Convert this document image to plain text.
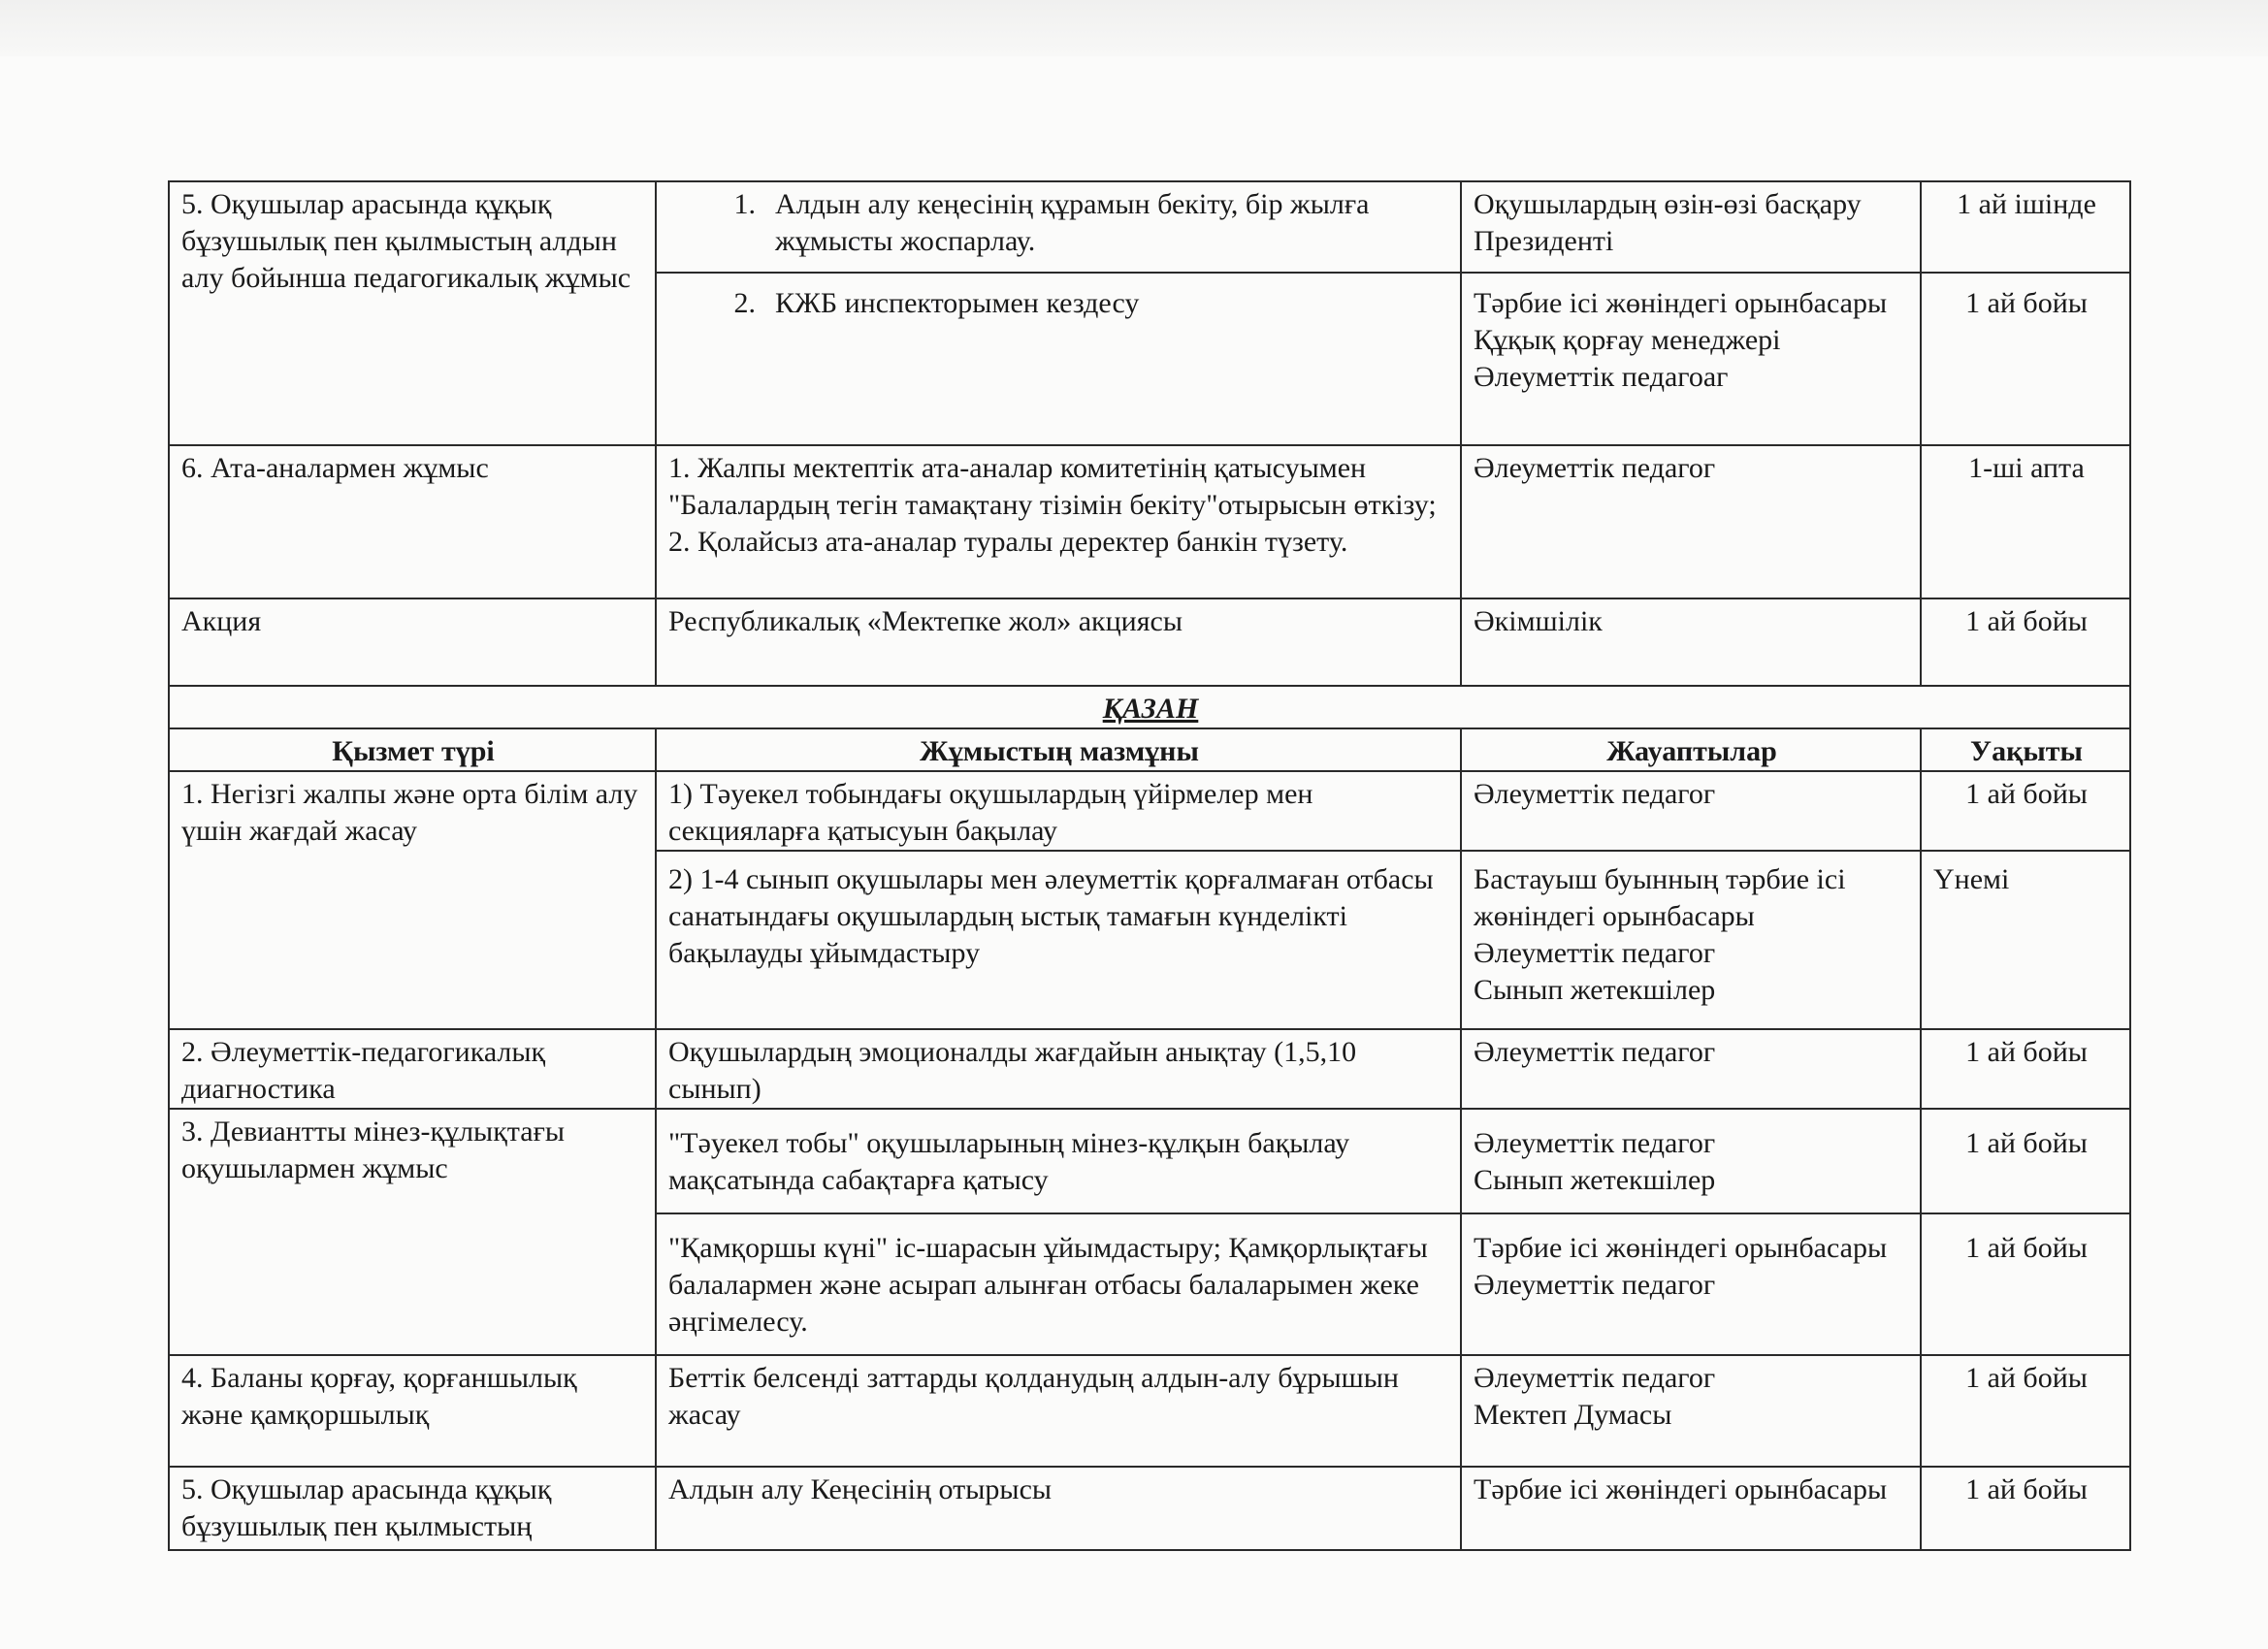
5. Оқушылар арасында құқық бұзушылық пен қылмыстың алдын алу бойынша педагогикалық жұмыс	1. Алдын алу кеңесінің құрамын бекіту, бір жылға жұмысты жоспарлау.	Оқушылардың өзін-өзі басқару Президенті	1 ай ішінде

	2. КЖБ инспекторымен кездесу	Тәрбие ісі жөніндегі орынбасары
Құқық қорғау менеджері
Әлеуметтік педагоаг	1 ай бойы
6. Ата-аналармен жұмыс	1. Жалпы мектептік ата-аналар комитетінің қатысуымен "Балалардың тегін тамақтану тізімін бекіту"отырысын өткізу;
2. Қолайсыз ата-аналар туралы деректер банкін түзету.	Әлеуметтік педагог	1-ші апта
Акция	Республикалық «Мектепке жол» акциясы	Әкімшілік	1 ай бойы
ҚАЗАН			
Қызмет түрі	Жұмыстың мазмұны	Жауаптылар	Уақыты
1. Негізгі жалпы және орта білім алу үшін жағдай жасау	1) Тәуекел тобындағы оқушылардың үйірмелер мен секцияларға қатысуын бақылау	Әлеуметтік педагог	1 ай бойы
	2) 1-4 сынып оқушылары мен әлеуметтік қорғалмаған отбасы санатындағы оқушылардың ыстық тамағын күнделікті бақылауды ұйымдастыру	Бастауыш буынның тәрбие ісі жөніндегі орынбасары
Әлеуметтік педагог
Сынып жетекшілер	Үнемі
2. Әлеуметтік-педагогикалық диагностика	Оқушылардың эмоционалды жағдайын анықтау (1,5,10 сынып)	Әлеуметтік педагог	1 ай бойы
3. Девиантты мінез-құлықтағы оқушылармен жұмыс	"Тәуекел тобы" оқушыларының мінез-құлқын бақылау мақсатында сабақтарға қатысу	Әлеуметтік педагог
Сынып жетекшілер	1 ай бойы
	"Қамқоршы күні" іс-шарасын ұйымдастыру; Қамқорлықтағы балалармен және асырап алынған отбасы балаларымен жеке әңгімелесу.	Тәрбие ісі жөніндегі орынбасары
Әлеуметтік педагог	1 ай бойы
4. Баланы қорғау, қорғаншылық және қамқоршылық	Беттік белсенді заттарды қолданудың алдын-алу бұрышын жасау	Әлеуметтік педагог
Мектеп Думасы	1 ай бойы
5. Оқушылар арасында құқық бұзушылық пен қылмыстың	Алдын алу Кеңесінің отырысы	Тәрбие ісі жөніндегі орынбасары	1 ай бойы
